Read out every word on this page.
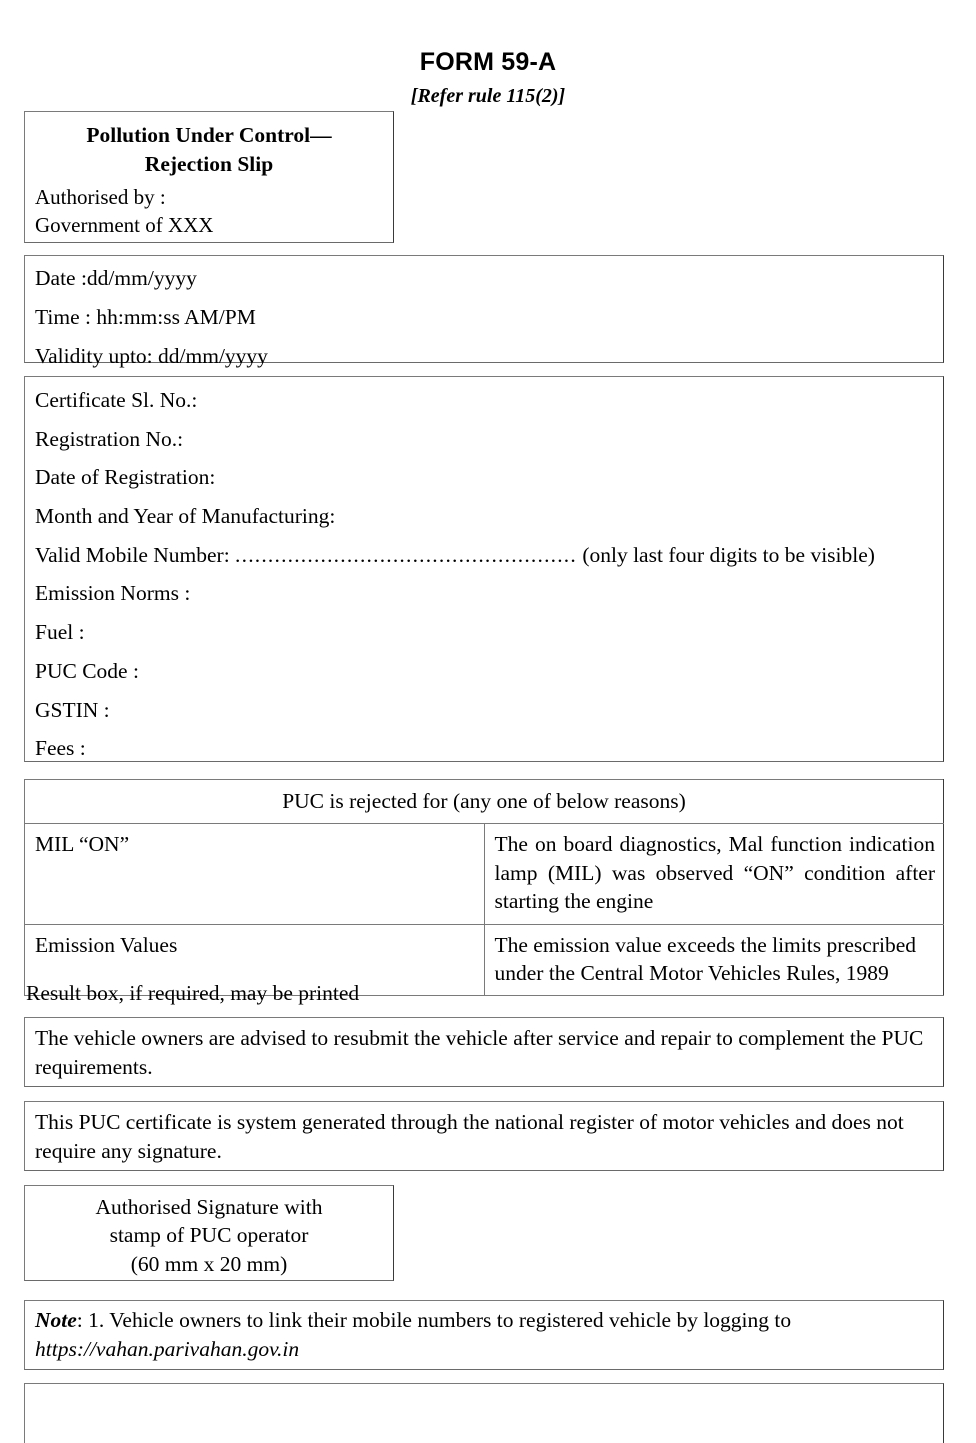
FORM 59-A
[Refer rule 115(2)]
Pollution Under Control—
Rejection Slip
Authorised by :
Government of XXX
Date :dd/mm/yyyy
Time : hh:mm:ss AM/PM
Validity upto: dd/mm/yyyy
Certificate Sl. No.:
Registration No.:
Date of Registration:
Month and Year of Manufacturing:
Valid Mobile Number: .................................................... (only last four digits to be visible)
Emission Norms :
Fuel :
PUC Code :
GSTIN :
Fees :
PUC is rejected for (any one of below reasons)	
MIL “ON”	The on board diagnostics, Mal function indication lamp (MIL) was observed “ON” condition after starting the engine
Emission Values	The emission value exceeds the limits prescribed under the Central Motor Vehicles Rules, 1989
Result box, if required, may be printed
The vehicle owners are advised to resubmit the vehicle after service and repair to complement the PUC requirements.
This PUC certificate is system generated through the national register of motor vehicles and does not require any signature.
Authorised Signature with
stamp of PUC operator
(60 mm x 20 mm)
Note: 1. Vehicle owners to link their mobile numbers to registered vehicle by logging to https://vahan.parivahan.gov.in
